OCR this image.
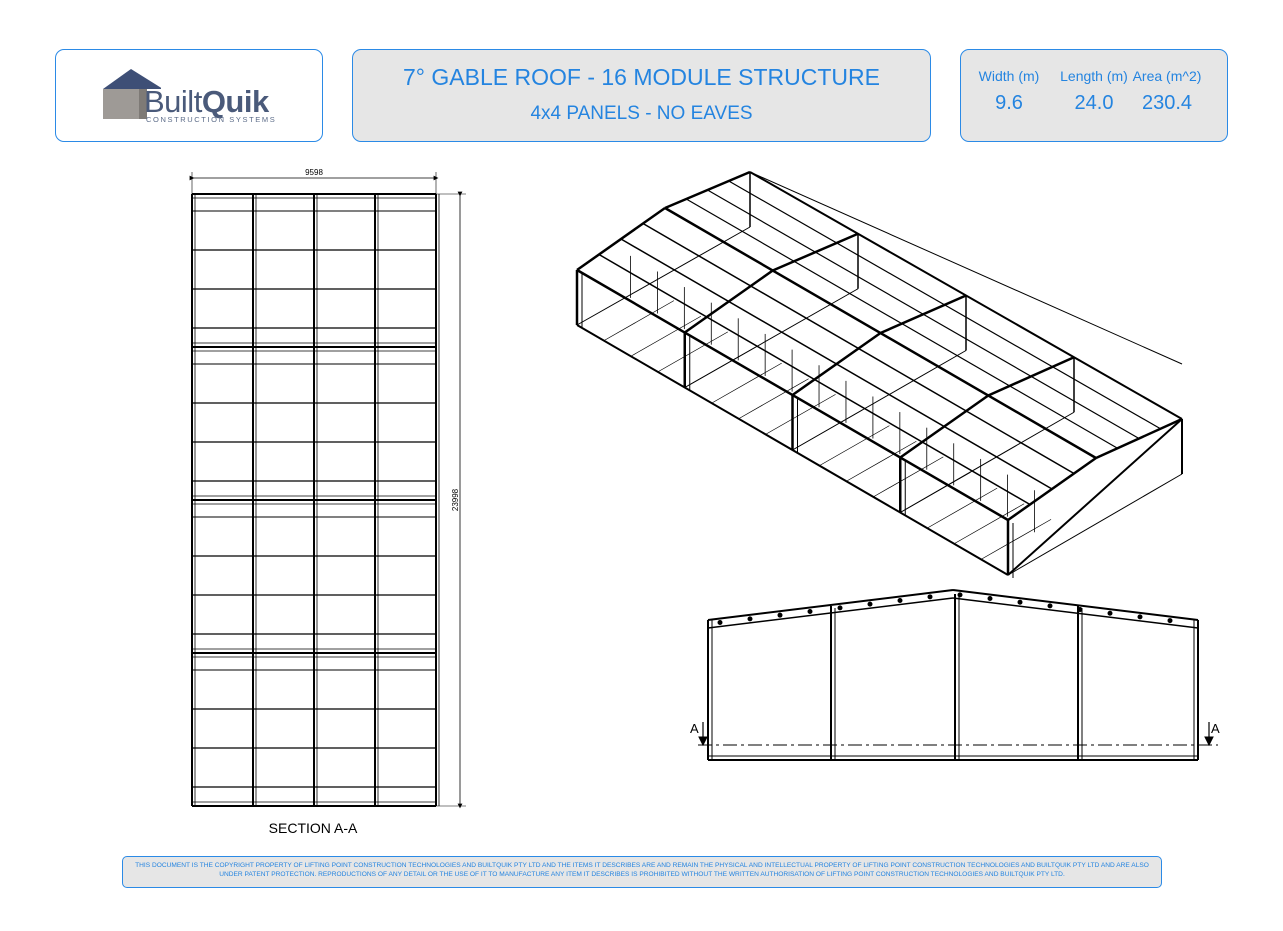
BuiltQuik
CONSTRUCTION SYSTEMS
7° GABLE ROOF - 16 MODULE STRUCTURE
4x4 PANELS - NO EAVES
Width (m)
9.6
Length (m)
24.0
Area (m^2)
230.4
9598
23998
A	A
SECTION A-A
THIS DOCUMENT IS THE COPYRIGHT PROPERTY OF LIFTING POINT CONSTRUCTION TECHNOLOGIES AND BUILTQUIK PTY LTD AND THE ITEMS IT DESCRIBES ARE AND REMAIN THE PHYSICAL AND INTELLECTUAL PROPERTY OF LIFTING POINT CONSTRUCTION TECHNOLOGIES AND BUILTQUIK PTY LTD AND ARE ALSO UNDER PATENT PROTECTION. REPRODUCTIONS OF ANY DETAIL OR THE USE OF IT TO MANUFACTURE ANY ITEM IT DESCRIBES IS PROHIBITED WITHOUT THE WRITTEN AUTHORISATION OF LIFTING POINT CONSTRUCTION TECHNOLOGIES AND BUILTQUIK PTY LTD.
